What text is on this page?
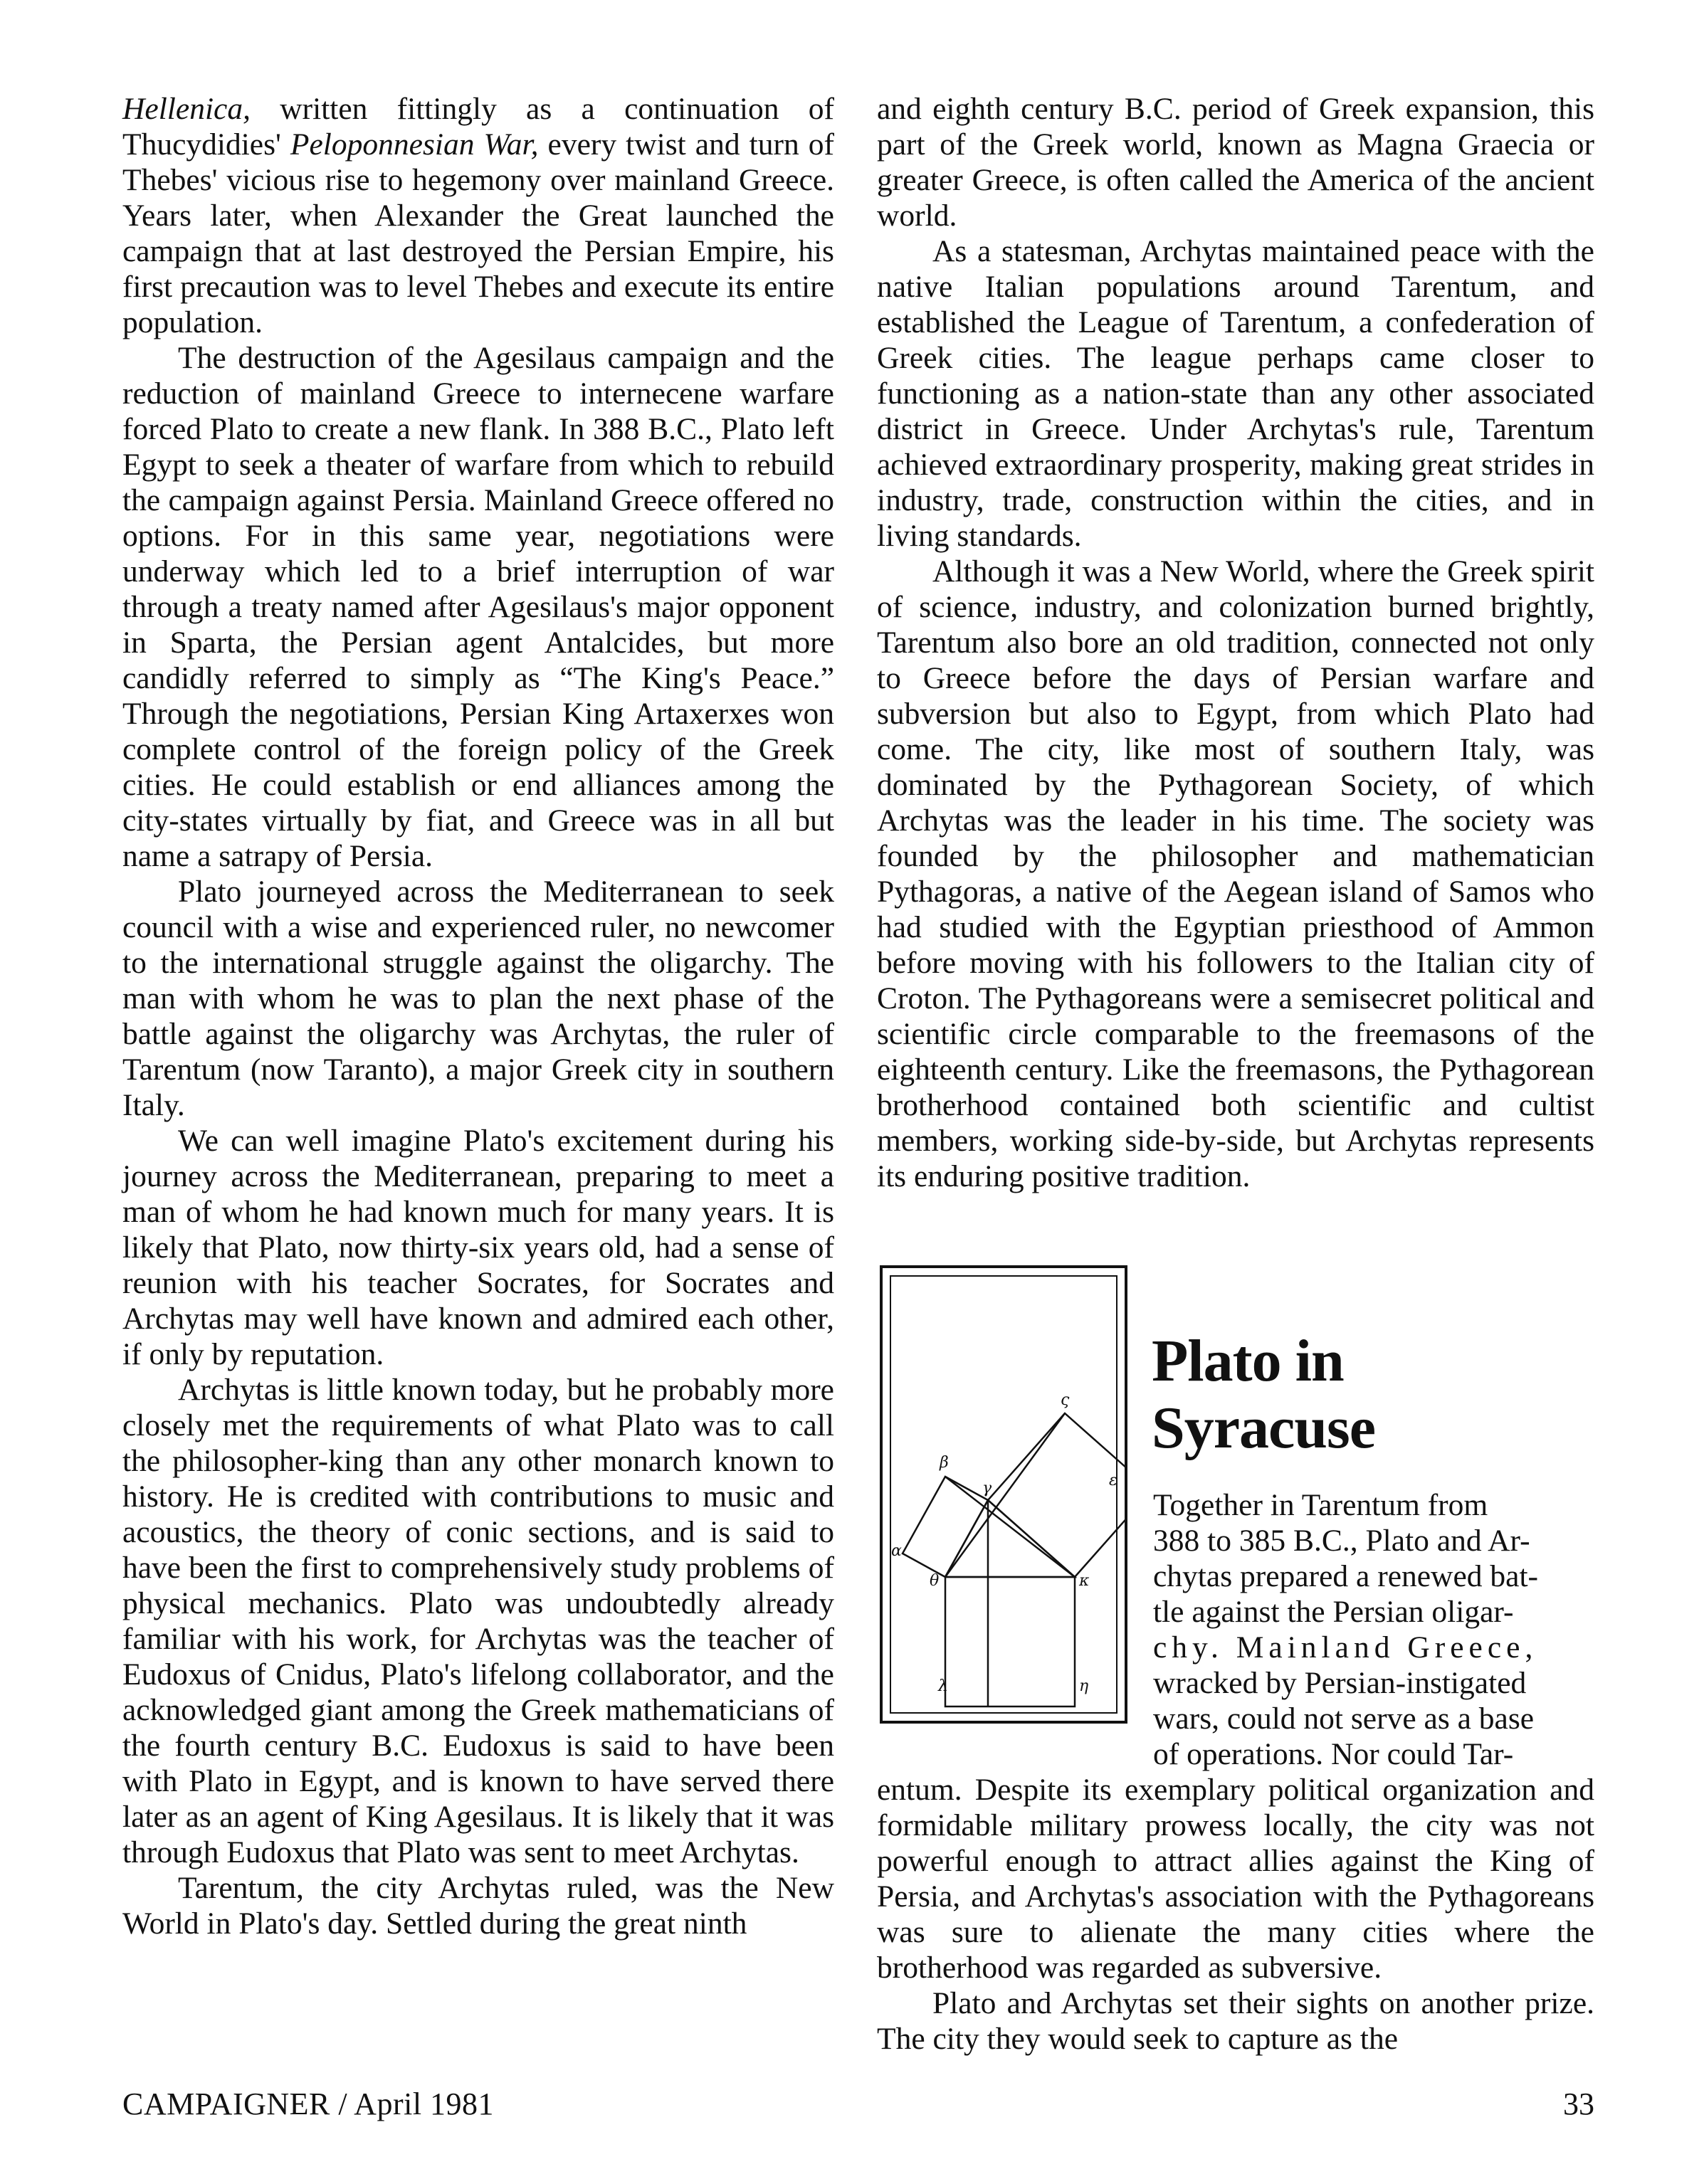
Hellenica, written fittingly as a continuation of Thucydidies' Peloponnesian War, every twist and turn of Thebes' vicious rise to hegemony over mainland Greece. Years later, when Alexander the Great launched the campaign that at last destroyed the Persian Empire, his first precaution was to level Thebes and execute its entire population.

The destruction of the Agesilaus campaign and the reduction of mainland Greece to internecene warfare forced Plato to create a new flank. In 388 B.C., Plato left Egypt to seek a theater of warfare from which to rebuild the campaign against Persia. Mainland Greece offered no options. For in this same year, negotiations were underway which led to a brief interruption of war through a treaty named after Agesilaus's major opponent in Sparta, the Persian agent Antalcides, but more candidly referred to simply as “The King's Peace.” Through the negotiations, Persian King Artaxerxes won complete control of the foreign policy of the Greek cities. He could establish or end alliances among the city-states virtually by fiat, and Greece was in all but name a satrapy of Persia.

Plato journeyed across the Mediterranean to seek council with a wise and experienced ruler, no newcomer to the international struggle against the oligarchy. The man with whom he was to plan the next phase of the battle against the oligarchy was Archytas, the ruler of Tarentum (now Taranto), a major Greek city in southern Italy.

We can well imagine Plato's excitement during his journey across the Mediterranean, preparing to meet a man of whom he had known much for many years. It is likely that Plato, now thirty-six years old, had a sense of reunion with his teacher Socrates, for Socrates and Archytas may well have known and admired each other, if only by reputation.

Archytas is little known today, but he probably more closely met the requirements of what Plato was to call the philosopher-king than any other monarch known to history. He is credited with contributions to music and acoustics, the theory of conic sections, and is said to have been the first to comprehensively study problems of physical mechanics. Plato was undoubtedly already familiar with his work, for Archytas was the teacher of Eudoxus of Cnidus, Plato's lifelong collaborator, and the acknowledged giant among the Greek mathematicians of the fourth century B.C. Eudoxus is said to have been with Plato in Egypt, and is known to have served there later as an agent of King Agesilaus. It is likely that it was through Eudoxus that Plato was sent to meet Archytas.

Tarentum, the city Archytas ruled, was the New World in Plato's day. Settled during the great ninth

and eighth century B.C. period of Greek expansion, this part of the Greek world, known as Magna Graecia or greater Greece, is often called the America of the ancient world.

As a statesman, Archytas maintained peace with the native Italian populations around Tarentum, and established the League of Tarentum, a confederation of Greek cities. The league perhaps came closer to functioning as a nation-state than any other associated district in Greece. Under Archytas's rule, Tarentum achieved extraordinary prosperity, making great strides in industry, trade, construction within the cities, and in living standards.

Although it was a New World, where the Greek spirit of science, industry, and colonization burned brightly, Tarentum also bore an old tradition, connected not only to Greece before the days of Persian warfare and subversion but also to Egypt, from which Plato had come. The city, like most of southern Italy, was dominated by the Pythagorean Society, of which Archytas was the leader in his time. The society was founded by the philosopher and mathematician Pythagoras, a native of the Aegean island of Samos who had studied with the Egyptian priesthood of Ammon before moving with his followers to the Italian city of Croton. The Pythagoreans were a semisecret political and scientific circle comparable to the freemasons of the eighteenth century. Like the freemasons, the Pythagorean brotherhood contained both scientific and cultist members, working side-by-side, but Archytas represents its enduring positive tradition.

β
ς
ε
γ
α
θ	κ
λ	η
Plato in
Syracuse

Together in Tarentum from

388 to 385 B.C., Plato and Ar-

chytas prepared a renewed bat-

tle against the Persian oligar-

chy. Mainland Greece,

wracked by Persian-instigated

wars, could not serve as a base

of operations. Nor could Tar-

entum. Despite its exemplary political organization and formidable military prowess locally, the city was not powerful enough to attract allies against the King of Persia, and Archytas's association with the Pythagoreans was sure to alienate the many cities where the brotherhood was regarded as subversive.

Plato and Archytas set their sights on another prize. The city they would seek to capture as the

CAMPAIGNER / April 1981	33
